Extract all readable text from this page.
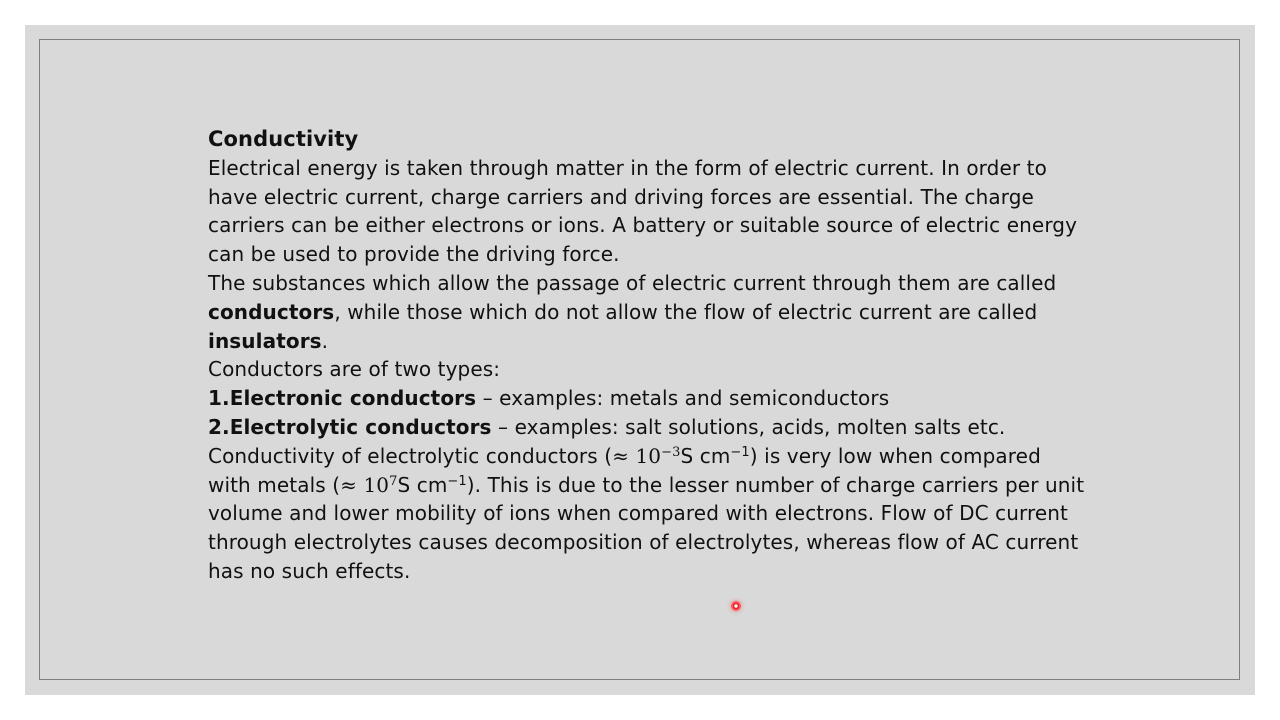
Conductivity

Electrical energy is taken through matter in the form of electric current. In order to have electric current, charge carriers and driving forces are essential. The charge carriers can be either electrons or ions. A battery or suitable source of electric energy can be used to provide the driving force.

The substances which allow the passage of electric current through them are called conductors, while those which do not allow the flow of electric current are called insulators.

Conductors are of two types:

1.Electronic conductors – examples: metals and semiconductors

2.Electrolytic conductors – examples: salt solutions, acids, molten salts etc.

Conductivity of electrolytic conductors (≈ $10^{-3}S$ $cm^{-1}$) is very low when compared with metals (≈ $10^7S$ $cm^{-1}$). This is due to the lesser number of charge carriers per unit volume and lower mobility of ions when compared with electrons. Flow of DC current through electrolytes causes decomposition of electrolytes, whereas flow of AC current has no such effects.
